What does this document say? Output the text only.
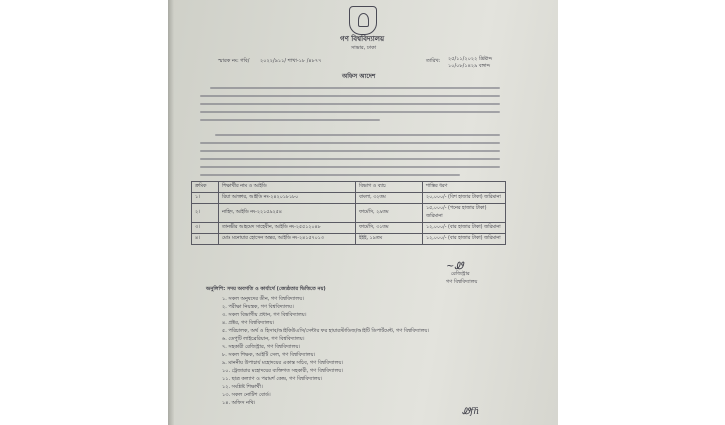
গণ বিশ্ববিদ্যালয়
সাভার, ঢাকা
স্মারক নং: গবি/ ২০২২/৯১১/ শাখা-১৮ /৪৮৭৭	তারিখ: ২৫/১১/২০২২ খ্রিষ্টাব্দ
১০/০৮/১৪২৯ বঙ্গাব্দ
অফিস আদেশ
ক্রমিক	শিক্ষার্থীর নাম ও আইডি	বিভাগ ও ব্যাচ	শাস্তির ধরণ
১।	রিয়া আক্তার, আইডি নং-২৪২০১৮১৮০	বাংলা, ৩২তম	২০,০০০/- (বিশ হাজার টাকা) জরিমানা
২।	নাহিদ, আইডি নং-২২১৫৯২৫৪	ফার্মেসি, ২৯তম	১৫,০০০/- (পনের হাজার টাকা) জরিমানা
৩।	তানভীর আহমেদ সাহেবীন, আইডি নং-২৫৫১২০৪৮	ফার্মেসি, ৩১তম	১২,০০০/- (বার হাজার টাকা) জরিমানা
৪।	মোঃ মনোয়ার হোসেন অন্তর, আইডি নং-২৪১৫৭০১৩	ইইই, ১৯তম	১২,০০০/- (বার হাজার টাকা) জরিমানা
~Ꮺ
রেজিস্ট্রার
গণ বিশ্ববিদ্যালয়
অনুলিপি: সদয় অবগতি ও কার্যার্থে (জ্যেষ্ঠতার ভিত্তিতে নয়)
১. সকল অনুষদের ডীন, গণ বিশ্ববিদ্যালয়।
২. পরীক্ষা নিয়ন্ত্রক, গণ বিশ্ববিদ্যালয়।
৩. সকল বিভাগীয় প্রধান, গণ বিশ্ববিদ্যালয়।
৪. প্রক্টর, গণ বিশ্ববিদ্যালয়।
৫. পরিচালক, অর্থ ও হিসাব/আইকিউএসি/সেন্টার ফর হায়ারস্টাডিজ/আইটি ডিপার্টমেন্ট, গণ বিশ্ববিদ্যালয়।
৬. ডেপুটি লাইব্রেরিয়ান, গণ বিশ্ববিদ্যালয়।
৭. সহকারী রেজিস্ট্রার, গণ বিশ্ববিদ্যালয়।
৮. সকল শিক্ষক, আইটি সেল, গণ বিশ্ববিদ্যালয়।
৯. মাননীয় উপাচার্য মহোদয়ের একান্ত সচিব, গণ বিশ্ববিদ্যালয়।
১০. ট্রেজারার মহোদয়ের ব্যক্তিগত সহকারী, গণ বিশ্ববিদ্যালয়।
১১. ছাত্র কল্যাণ ও পরামর্শ কেন্দ্র, গণ বিশ্ববিদ্যালয়।
১২. সংশ্লিষ্ট শিক্ষার্থী।
১৩. সকল নোটিশ বোর্ড।
১৪. অফিস নথি।
Ꮺfɦ
